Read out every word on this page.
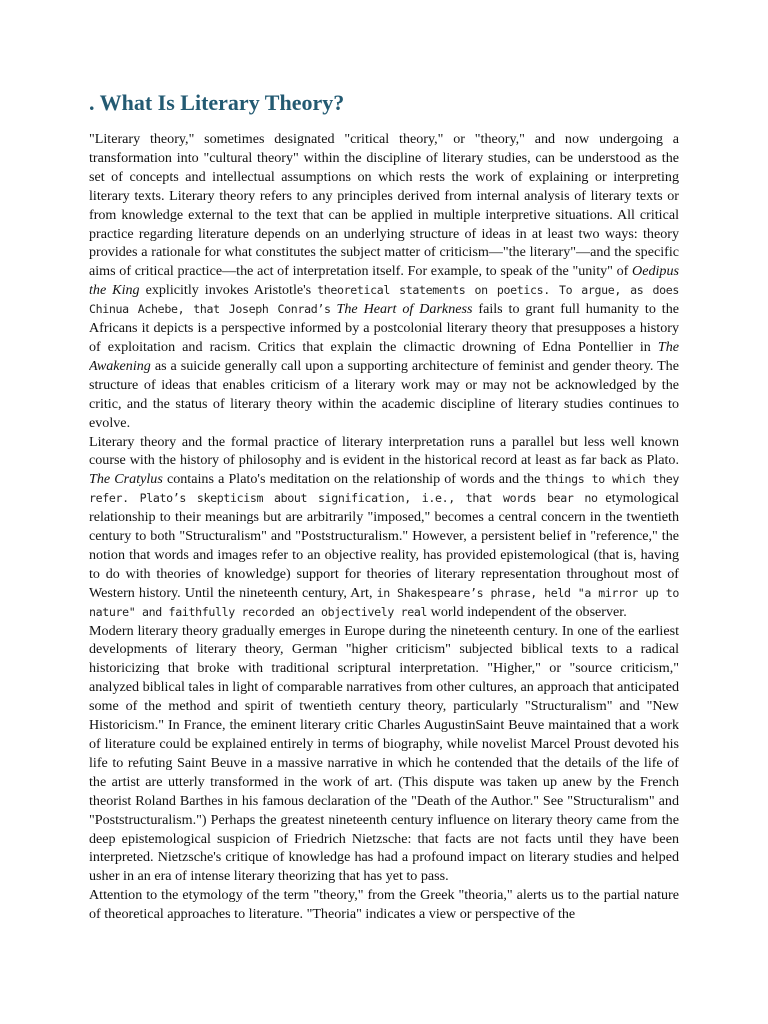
. What Is Literary Theory?

"Literary theory," sometimes designated "critical theory," or "theory," and now undergoing a transformation into "cultural theory" within the discipline of literary studies, can be understood as the set of concepts and intellectual assumptions on which rests the work of explaining or interpreting literary texts. Literary theory refers to any principles derived from internal analysis of literary texts or from knowledge external to the text that can be applied in multiple interpretive situations. All critical practice regarding literature depends on an underlying structure of ideas in at least two ways: theory provides a rationale for what constitutes the subject matter of criticism—"the literary"—and the specific aims of critical practice—the act of interpretation itself. For example, to speak of the "unity" of Oedipus the King explicitly invokes Aristotle's theoretical statements on poetics. To argue, as does Chinua Achebe, that Joseph Conrad’s The Heart of Darkness fails to grant full humanity to the Africans it depicts is a perspective informed by a postcolonial literary theory that presupposes a history of exploitation and racism. Critics that explain the climactic drowning of Edna Pontellier in The Awakening as a suicide generally call upon a supporting architecture of feminist and gender theory. The structure of ideas that enables criticism of a literary work may or may not be acknowledged by the critic, and the status of literary theory within the academic discipline of literary studies continues to evolve.

Literary theory and the formal practice of literary interpretation runs a parallel but less well known course with the history of philosophy and is evident in the historical record at least as far back as Plato. The Cratylus contains a Plato's meditation on the relationship of words and the things to which they refer. Plato’s skepticism about signification, i.e., that words bear no etymological relationship to their meanings but are arbitrarily "imposed," becomes a central concern in the twentieth century to both "Structuralism" and "Poststructuralism." However, a persistent belief in "reference," the notion that words and images refer to an objective reality, has provided epistemological (that is, having to do with theories of knowledge) support for theories of literary representation throughout most of Western history. Until the nineteenth century, Art, in Shakespeare’s phrase, held "a mirror up to nature" and faithfully recorded an objectively real world independent of the observer.

Modern literary theory gradually emerges in Europe during the nineteenth century. In one of the earliest developments of literary theory, German "higher criticism" subjected biblical texts to a radical historicizing that broke with traditional scriptural interpretation. "Higher," or "source criticism," analyzed biblical tales in light of comparable narratives from other cultures, an approach that anticipated some of the method and spirit of twentieth century theory, particularly "Structuralism" and "New Historicism." In France, the eminent literary critic Charles AugustinSaint Beuve maintained that a work of literature could be explained entirely in terms of biography, while novelist Marcel Proust devoted his life to refuting Saint Beuve in a massive narrative in which he contended that the details of the life of the artist are utterly transformed in the work of art. (This dispute was taken up anew by the French theorist Roland Barthes in his famous declaration of the "Death of the Author." See "Structuralism" and "Poststructuralism.") Perhaps the greatest nineteenth century influence on literary theory came from the deep epistemological suspicion of Friedrich Nietzsche: that facts are not facts until they have been interpreted. Nietzsche's critique of knowledge has had a profound impact on literary studies and helped usher in an era of intense literary theorizing that has yet to pass.

Attention to the etymology of the term "theory," from the Greek "theoria," alerts us to the partial nature of theoretical approaches to literature. "Theoria" indicates a view or perspective of the
